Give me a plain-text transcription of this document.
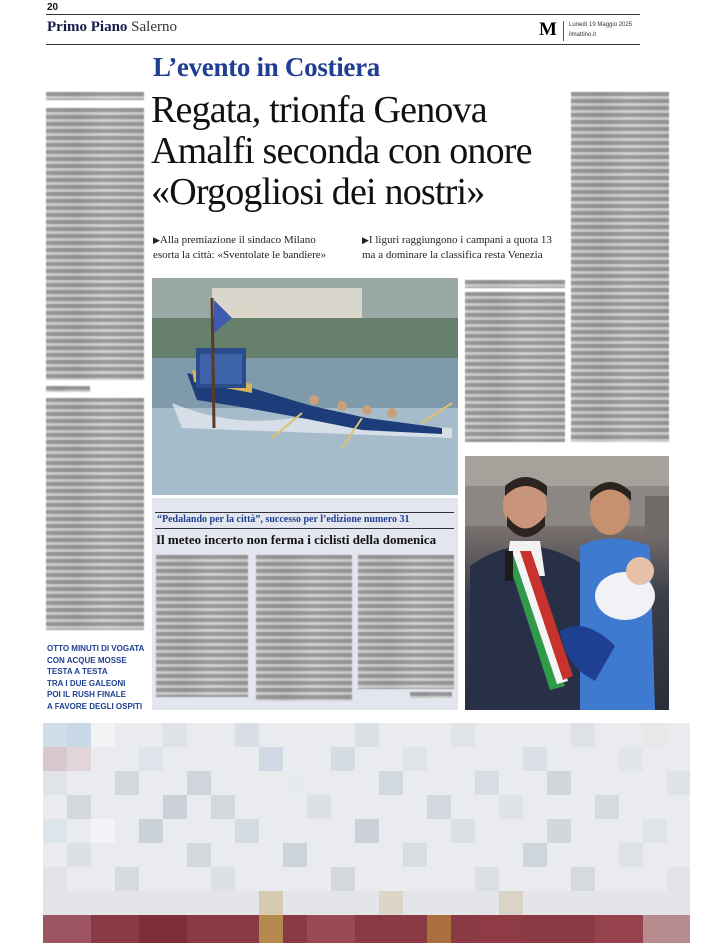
20
Primo Piano Salerno	M Lunedì 19 Maggio 2025
ilmattino.it
L’evento in Costiera
Regata, trionfa Genova
Amalfi seconda con onore
«Orgogliosi dei nostri»
▶Alla premiazione il sindaco Milano
esorta la città: «Sventolate le bandiere»
▶I liguri raggiungono i campani a quota 13
ma a dominare la classifica resta Venezia
“Pedalando per la città”, successo per l’edizione numero 31
Il meteo incerto non ferma i ciclisti della domenica
OTTO MINUTI DI VOGATA
CON ACQUE MOSSE
TESTA A TESTA
TRA I DUE GALEONI
POI IL RUSH FINALE
A FAVORE DEGLI OSPITI
